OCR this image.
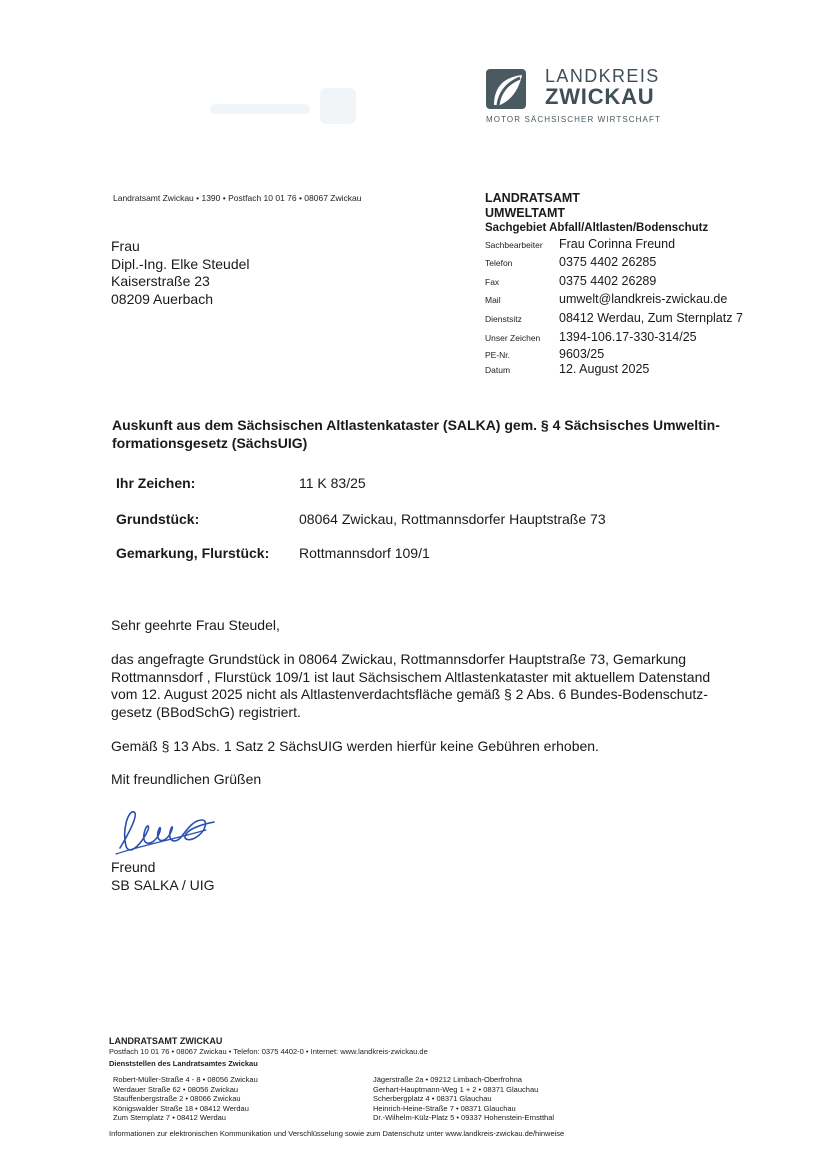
LANDKREIS
ZWICKAU
MOTOR SÄCHSISCHER WIRTSCHAFT
Landratsamt Zwickau • 1390 • Postfach 10 01 76 • 08067 Zwickau
Frau
Dipl.-Ing. Elke Steudel
Kaiserstraße 23
08209 Auerbach
LANDRATSAMT
UMWELTAMT
Sachgebiet Abfall/Altlasten/Bodenschutz
Sachbearbeiter Frau Corinna Freund
Telefon	0375 4402 26285
Fax	0375 4402 26289
Mail	umwelt@landkreis-zwickau.de
Dienstsitz	08412 Werdau, Zum Sternplatz 7
Unser Zeichen 1394-106.17-330-314/25
PE-Nr.	9603/25
Datum	12. August 2025
Auskunft aus dem Sächsischen Altlastenkataster (SALKA) gem. § 4 Sächsisches Umweltin-
formationsgesetz (SächsUIG)
Ihr Zeichen:	11 K 83/25
Grundstück:	08064 Zwickau, Rottmannsdorfer Hauptstraße 73
Gemarkung, Flurstück: Rottmannsdorf 109/1
Sehr geehrte Frau Steudel,
das angefragte Grundstück in 08064 Zwickau, Rottmannsdorfer Hauptstraße 73, Gemarkung
Rottmannsdorf , Flurstück 109/1 ist laut Sächsischem Altlastenkataster mit aktuellem Datenstand
vom 12. August 2025 nicht als Altlastenverdachtsfläche gemäß § 2 Abs. 6 Bundes-Bodenschutz-
gesetz (BBodSchG) registriert.
Gemäß § 13 Abs. 1 Satz 2 SächsUIG werden hierfür keine Gebühren erhoben.
Mit freundlichen Grüßen
Freund
SB SALKA / UIG
LANDRATSAMT ZWICKAU
Postfach 10 01 76 • 08067 Zwickau • Telefon: 0375 4402-0 • Internet: www.landkreis-zwickau.de
Dienststellen des Landratsamtes Zwickau
Robert-Müller-Straße 4 - 8 • 08056 Zwickau
Werdauer Straße 62 • 08056 Zwickau
Stauffenbergstraße 2 • 08066 Zwickau
Königswalder Straße 18 • 08412 Werdau
Zum Sternplatz 7 • 08412 Werdau
Jägerstraße 2a • 09212 Limbach-Oberfrohna
Gerhart-Hauptmann-Weg 1 + 2 • 08371 Glauchau
Scherbergplatz 4 • 08371 Glauchau
Heinrich-Heine-Straße 7 • 08371 Glauchau
Dr.-Wilhelm-Külz-Platz 5 • 09337 Hohenstein-Ernstthal
Informationen zur elektronischen Kommunikation und Verschlüsselung sowie zum Datenschutz unter www.landkreis-zwickau.de/hinweise
